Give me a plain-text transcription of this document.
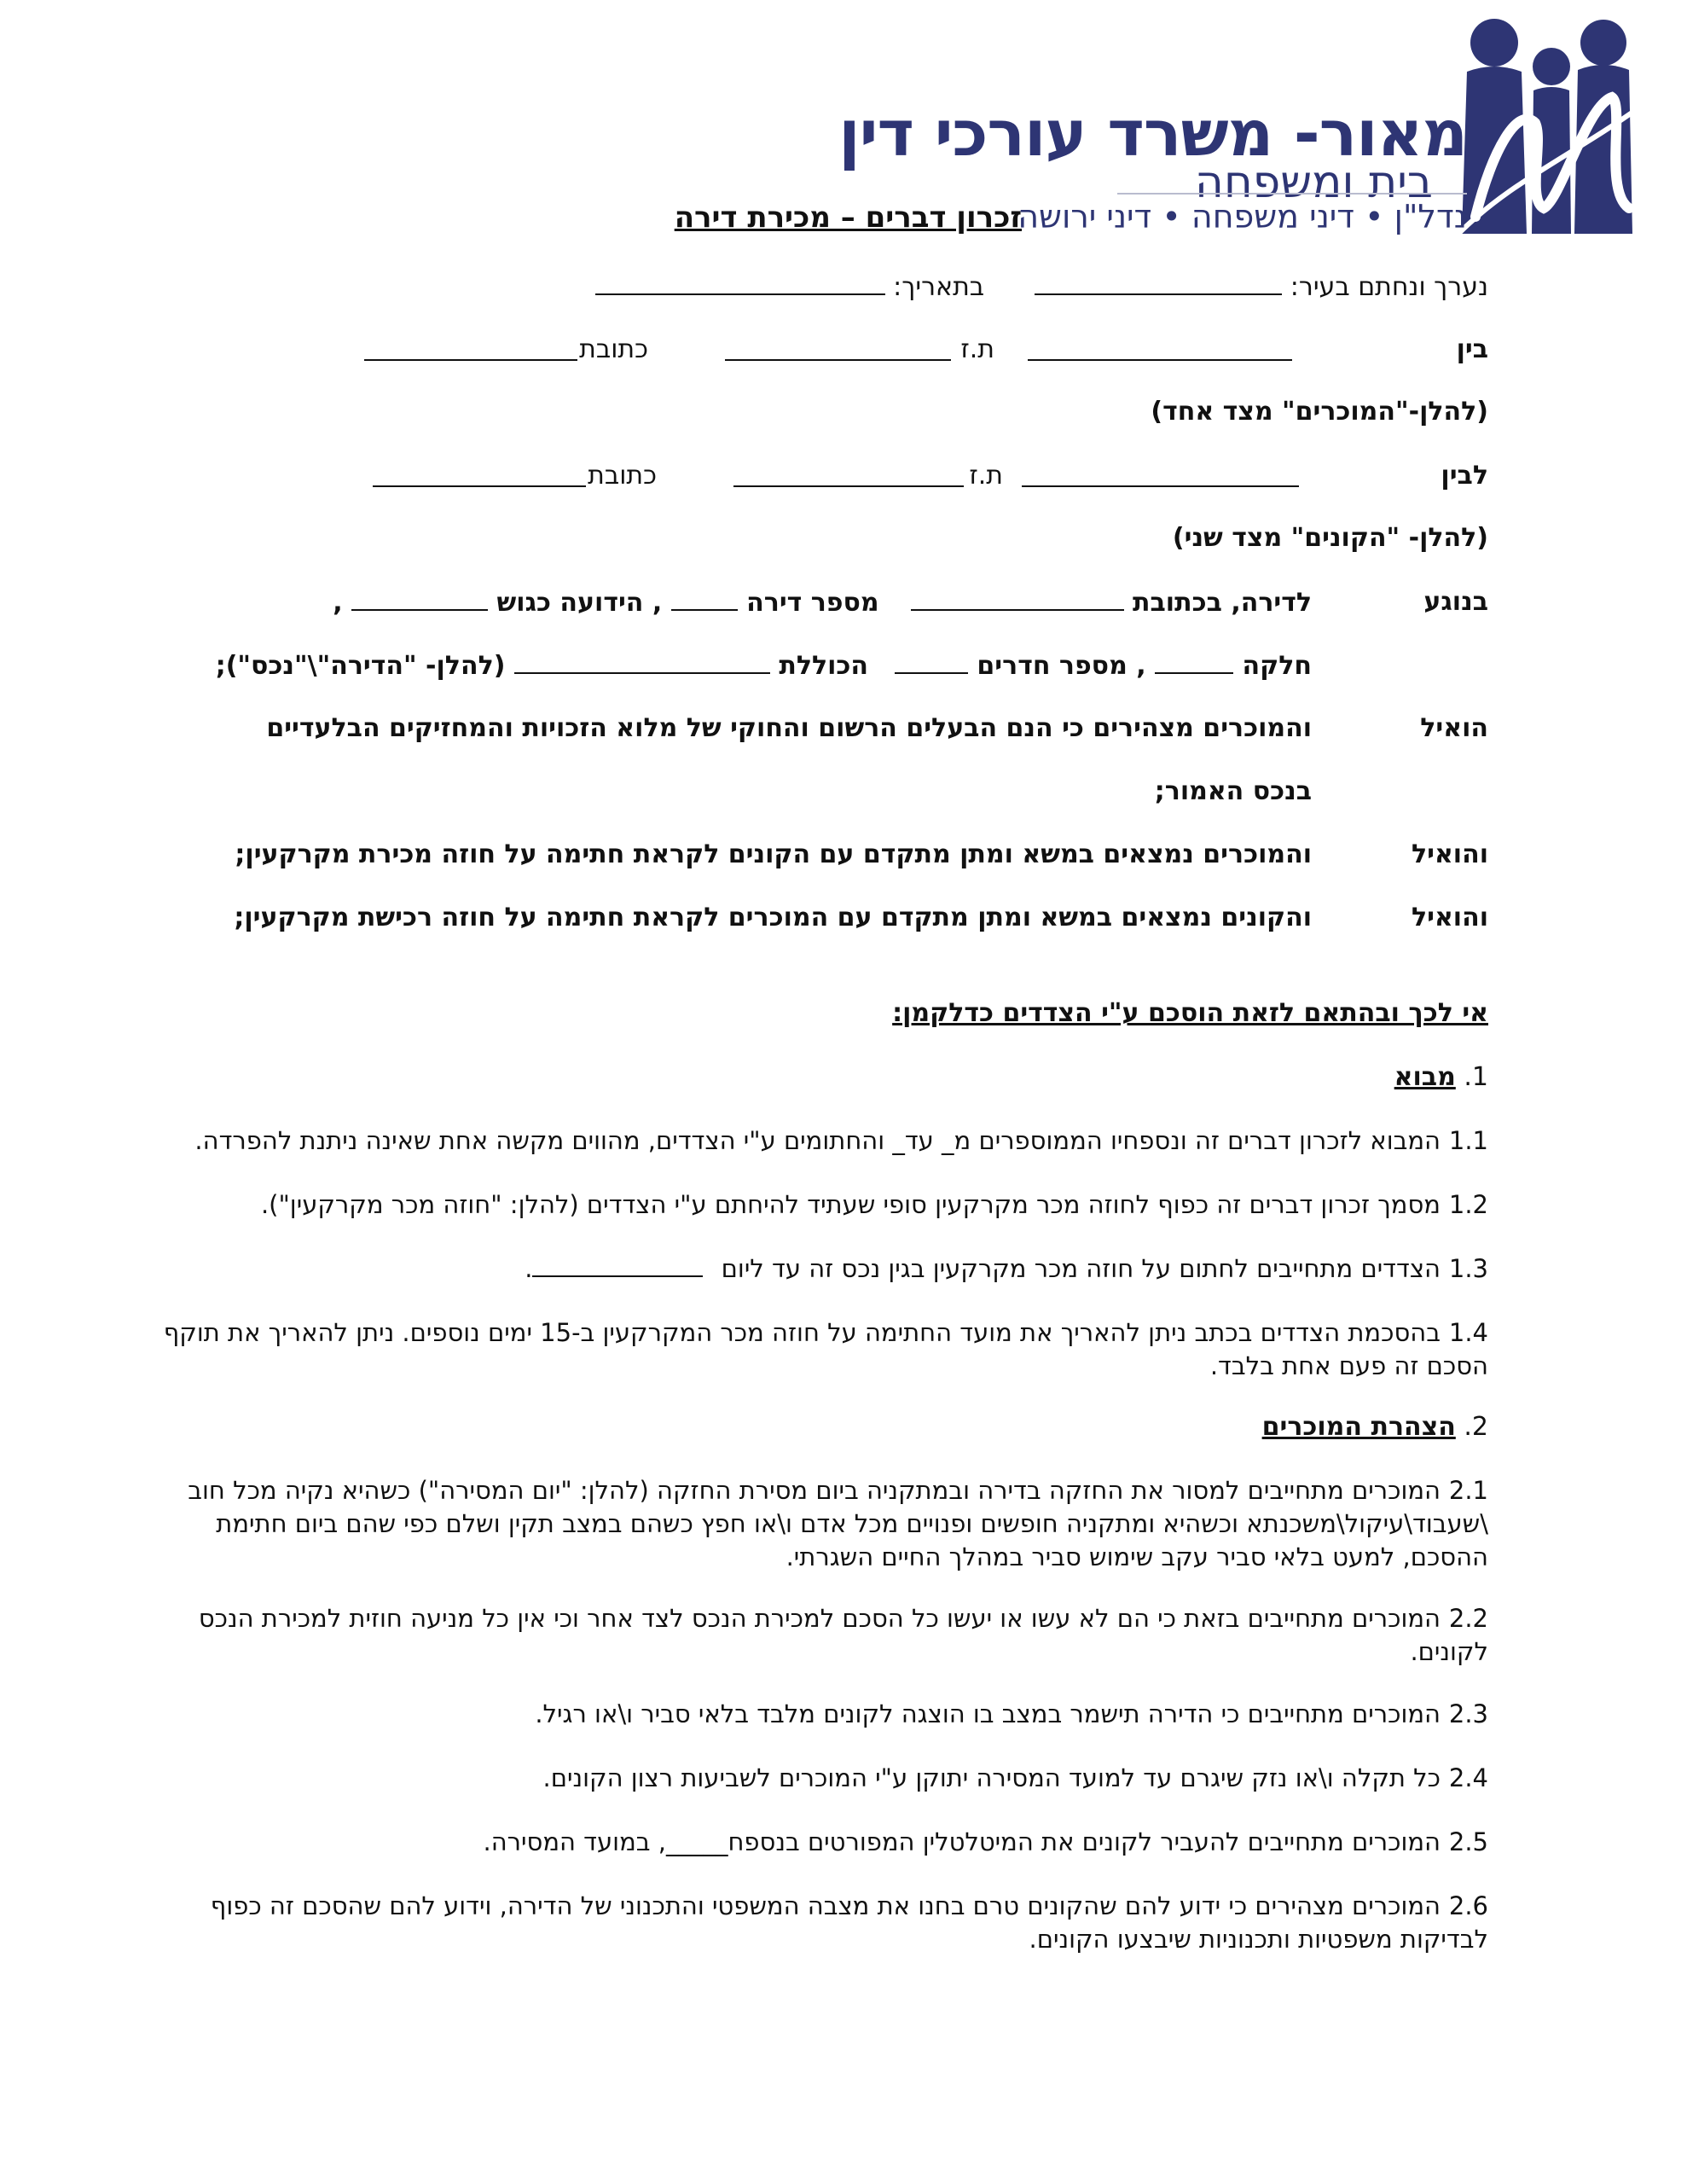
מאור- משרד עורכי דין
בית ומשפחה
נדל"ן • דיני משפחה • דיני ירושה
זכרון דברים – מכירת דירה
נערך ונחתם בעיר:   בתאריך:
בין
ת.ז
כתובת
(להלן-"המוכרים" מצד אחד)
לבין
ת.ז
כתובת
(להלן- "הקונים" מצד שני)
בנוגע
לדירה, בכתובת   מספר דירה  , הידועה כגוש  ,
חלקה  , מספר חדרים   הכוללת  (להלן- "הדירה"\"נכס");
הואיל
והמוכרים מצהירים כי הנם הבעלים הרשום והחוקי של מלוא הזכויות והמחזיקים הבלעדיים
בנכס האמור;
והואיל
והמוכרים נמצאים במשא ומתן מתקדם עם הקונים לקראת חתימה על חוזה מכירת מקרקעין;
והואיל
והקונים נמצאים במשא ומתן מתקדם עם המוכרים לקראת חתימה על חוזה רכישת מקרקעין;
אי לכך ובהתאם לזאת הוסכם ע"י הצדדים כדלקמן:
1. מבוא
1.1המבוא לזכרון דברים זה ונספחיו הממוספרים מ_ עד_ והחתומים ע"י הצדדים, מהווים מקשה אחת שאינה ניתנת להפרדה.
1.2מסמך זכרון דברים זה כפוף לחוזה מכר מקרקעין סופי שעתיד להיחתם ע"י הצדדים (להלן: "חוזה מכר מקרקעין").
1.3הצדדים מתחייבים לחתום על חוזה מכר מקרקעין בגין נכס זה עד ליום .
1.4בהסכמת הצדדים בכתב ניתן להאריך את מועד החתימה על חוזה מכר המקרקעין ב-15 ימים נוספים. ניתן להאריך את תוקף הסכם זה פעם אחת בלבד.
2. הצהרת המוכרים
2.1המוכרים מתחייבים למסור את החזקה בדירה ובמתקניה ביום מסירת החזקה (להלן: "יום המסירה") כשהיא נקיה מכל חוב \שעבוד\עיקול\משכנתא וכשהיא ומתקניה חופשים ופנויים מכל אדם ו\או חפץ כשהם במצב תקין ושלם כפי שהם ביום חתימת ההסכם, למעט בלאי סביר עקב שימוש סביר במהלך החיים השגרתי.
2.2המוכרים מתחייבים בזאת כי הם לא עשו או יעשו כל הסכם למכירת הנכס לצד אחר וכי אין כל מניעה חוזית למכירת הנכס לקונים.
2.3המוכרים מתחייבים כי הדירה תישמר במצב בו הוצגה לקונים מלבד בלאי סביר ו\או רגיל.
2.4כל תקלה ו\או נזק שיגרם עד למועד המסירה יתוקן ע"י המוכרים לשביעות רצון הקונים.
2.5המוכרים מתחייבים להעביר לקונים את המיטלטלין המפורטים בנספח_____, במועד המסירה.
2.6המוכרים מצהירים כי ידוע להם שהקונים טרם בחנו את מצבה המשפטי והתכנוני של הדירה, וידוע להם שהסכם זה כפוף לבדיקות משפטיות ותכנוניות שיבצעו הקונים.
